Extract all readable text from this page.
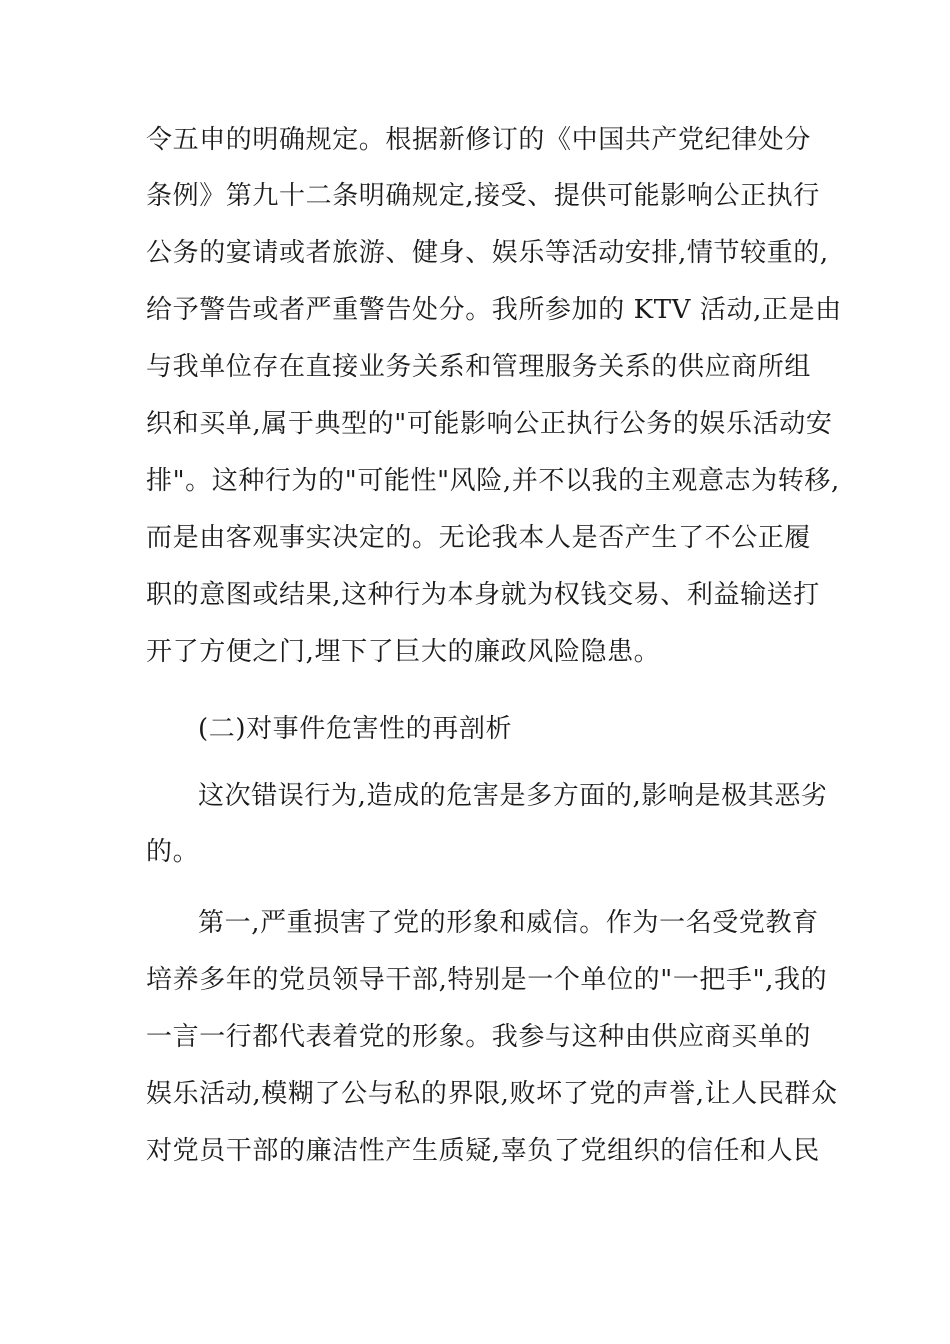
令五申的明确规定。根据新修订的《中国共产党纪律处分
条例》第九十二条明确规定,接受、提供可能影响公正执行
公务的宴请或者旅游、健身、娱乐等活动安排,情节较重的,
给予警告或者严重警告处分。我所参加的 KTV 活动,正是由
与我单位存在直接业务关系和管理服务关系的供应商所组
织和买单,属于典型的"可能影响公正执行公务的娱乐活动安
排"。这种行为的"可能性"风险,并不以我的主观意志为转移,
而是由客观事实决定的。无论我本人是否产生了不公正履
职的意图或结果,这种行为本身就为权钱交易、利益输送打
开了方便之门,埋下了巨大的廉政风险隐患。
(二)对事件危害性的再剖析
这次错误行为,造成的危害是多方面的,影响是极其恶劣
的。
第一,严重损害了党的形象和威信。作为一名受党教育
培养多年的党员领导干部,特别是一个单位的"一把手",我的
一言一行都代表着党的形象。我参与这种由供应商买单的
娱乐活动,模糊了公与私的界限,败坏了党的声誉,让人民群众
对党员干部的廉洁性产生质疑,辜负了党组织的信任和人民
